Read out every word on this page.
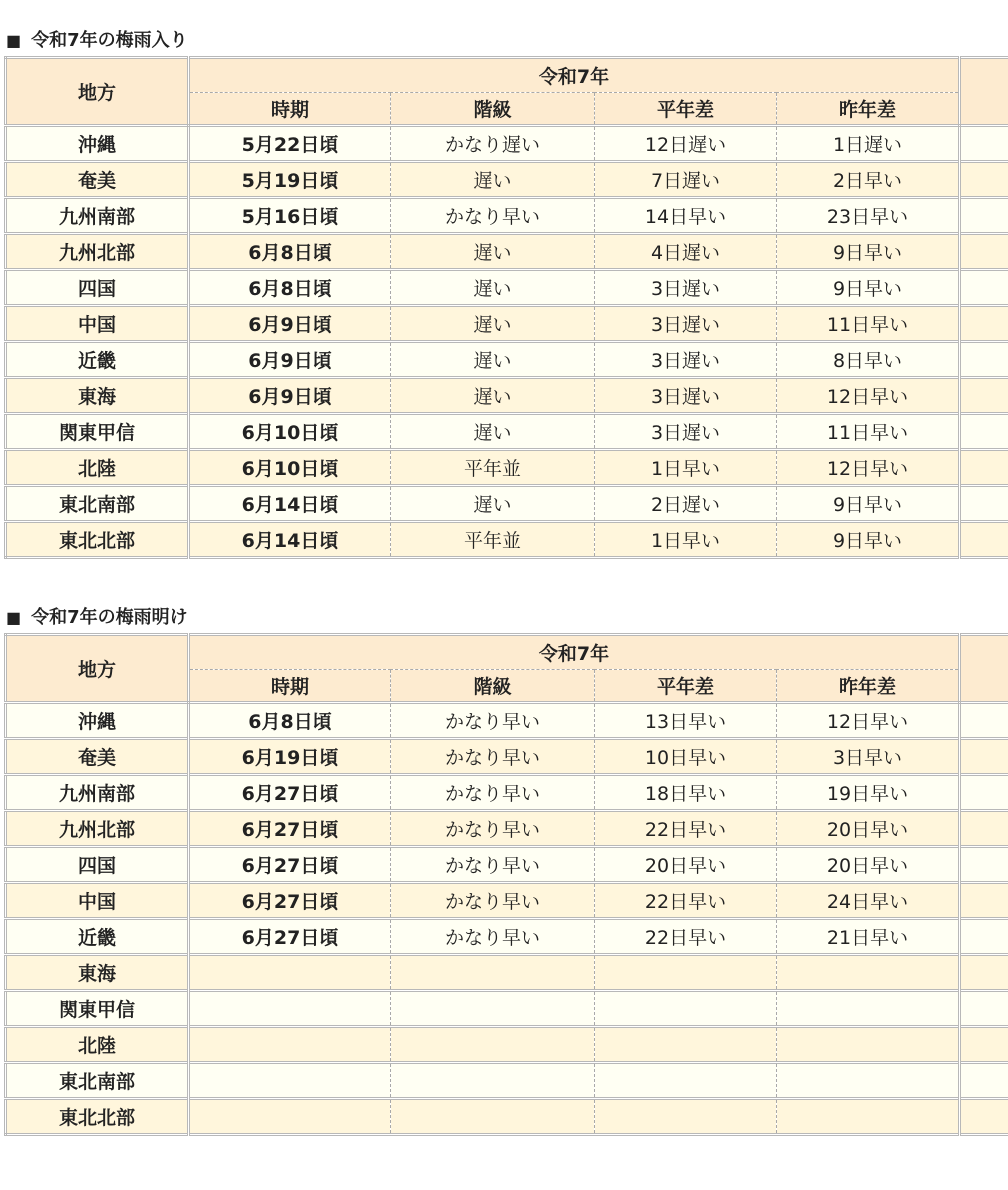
■ 令和7年の梅雨入り
地方	令和7年				
	時期	階級	平年差	昨年差	
沖縄	5月22日頃	かなり遅い	12日遅い	1日遅い	
奄美	5月19日頃	遅い	7日遅い	2日早い	
九州南部	5月16日頃	かなり早い	14日早い	23日早い	
九州北部	6月8日頃	遅い	4日遅い	9日早い	
四国	6月8日頃	遅い	3日遅い	9日早い	
中国	6月9日頃	遅い	3日遅い	11日早い	
近畿	6月9日頃	遅い	3日遅い	8日早い	
東海	6月9日頃	遅い	3日遅い	12日早い	
関東甲信	6月10日頃	遅い	3日遅い	11日早い	
北陸	6月10日頃	平年並	1日早い	12日早い	
東北南部	6月14日頃	遅い	2日遅い	9日早い	
東北北部	6月14日頃	平年並	1日早い	9日早い	
■ 令和7年の梅雨明け
地方	令和7年				
	時期	階級	平年差	昨年差	
沖縄	6月8日頃	かなり早い	13日早い	12日早い	
奄美	6月19日頃	かなり早い	10日早い	3日早い	
九州南部	6月27日頃	かなり早い	18日早い	19日早い	
九州北部	6月27日頃	かなり早い	22日早い	20日早い	
四国	6月27日頃	かなり早い	20日早い	20日早い	
中国	6月27日頃	かなり早い	22日早い	24日早い	
近畿	6月27日頃	かなり早い	22日早い	21日早い	
東海					
関東甲信					
北陸					
東北南部					
東北北部					
